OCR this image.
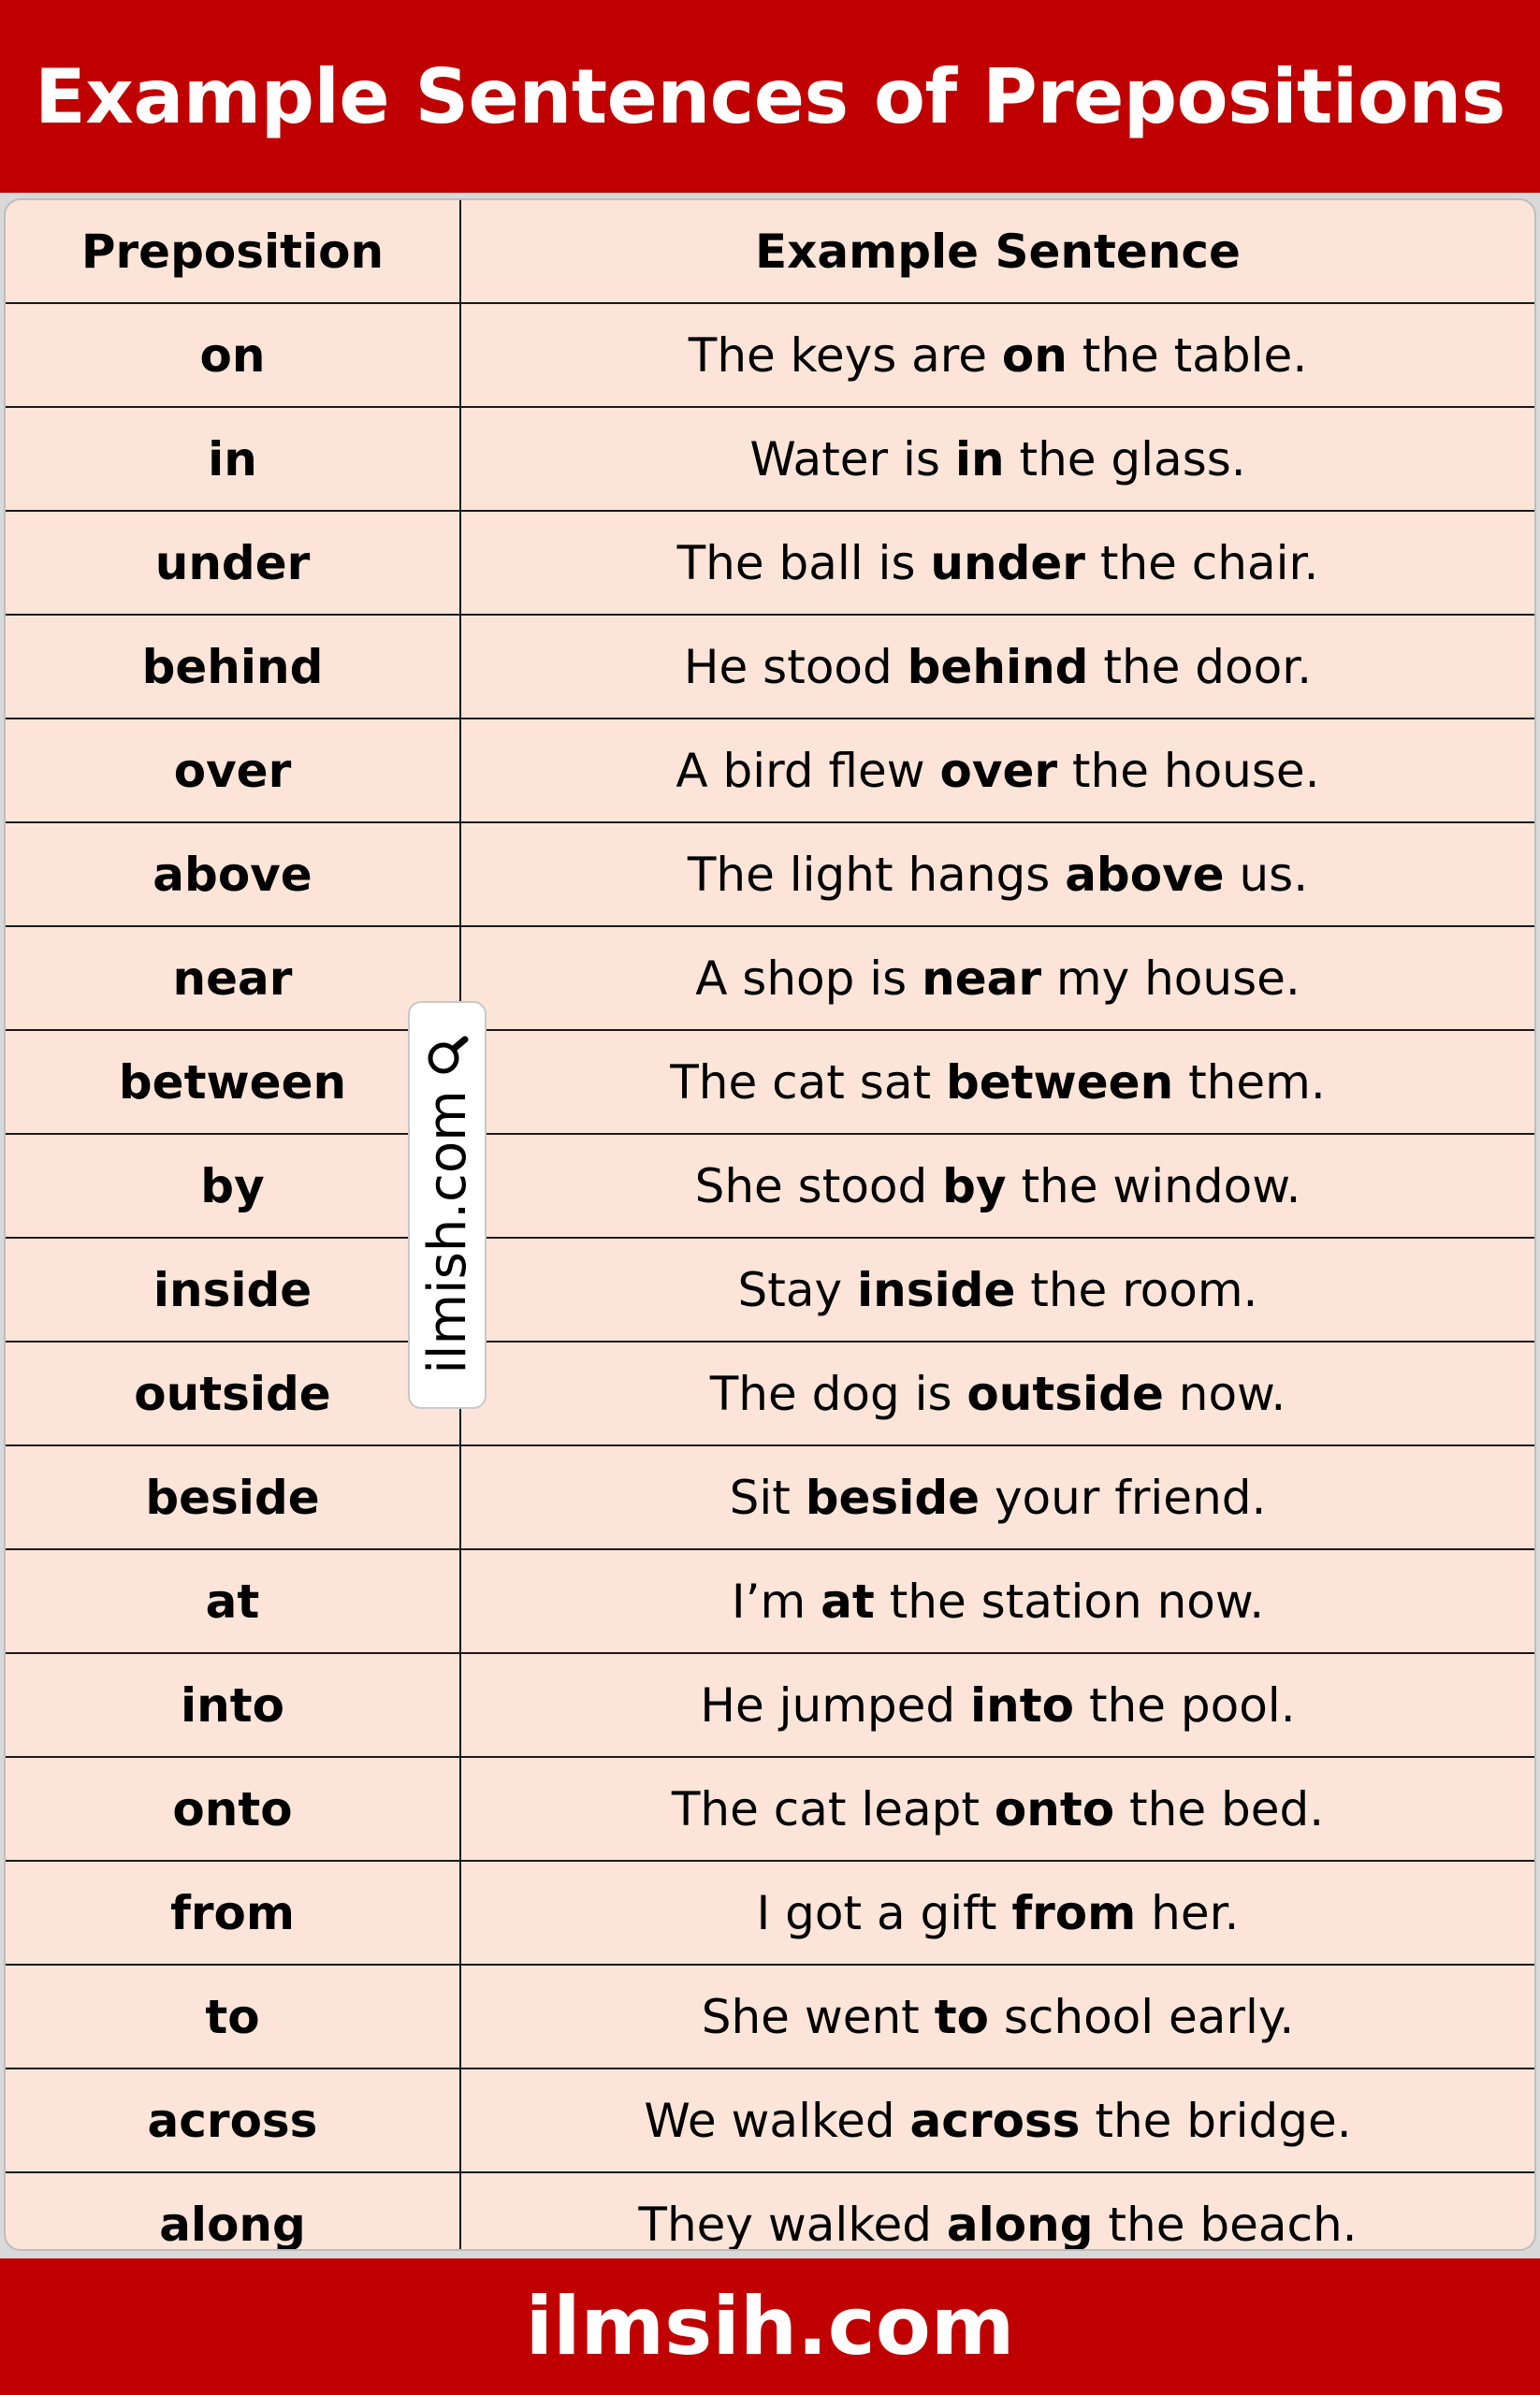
Example Sentences of Prepositions
Preposition	Example Sentence
on	The keys are on the table.
in	Water is in the glass.
under	The ball is under the chair.
behind	He stood behind the door.
over	A bird flew over the house.
above	The light hangs above us.
near	A shop is near my house.
between	The cat sat between them.
by	She stood by the window.
inside	Stay inside the room.
outside	The dog is outside now.
beside	Sit beside your friend.
at	I’m at the station now.
into	He jumped into the pool.
onto	The cat leapt onto the bed.
from	I got a gift from her.
to	She went to school early.
across	We walked across the bridge.
along	They walked along the beach.
ilmish.com
ilmsih.com
